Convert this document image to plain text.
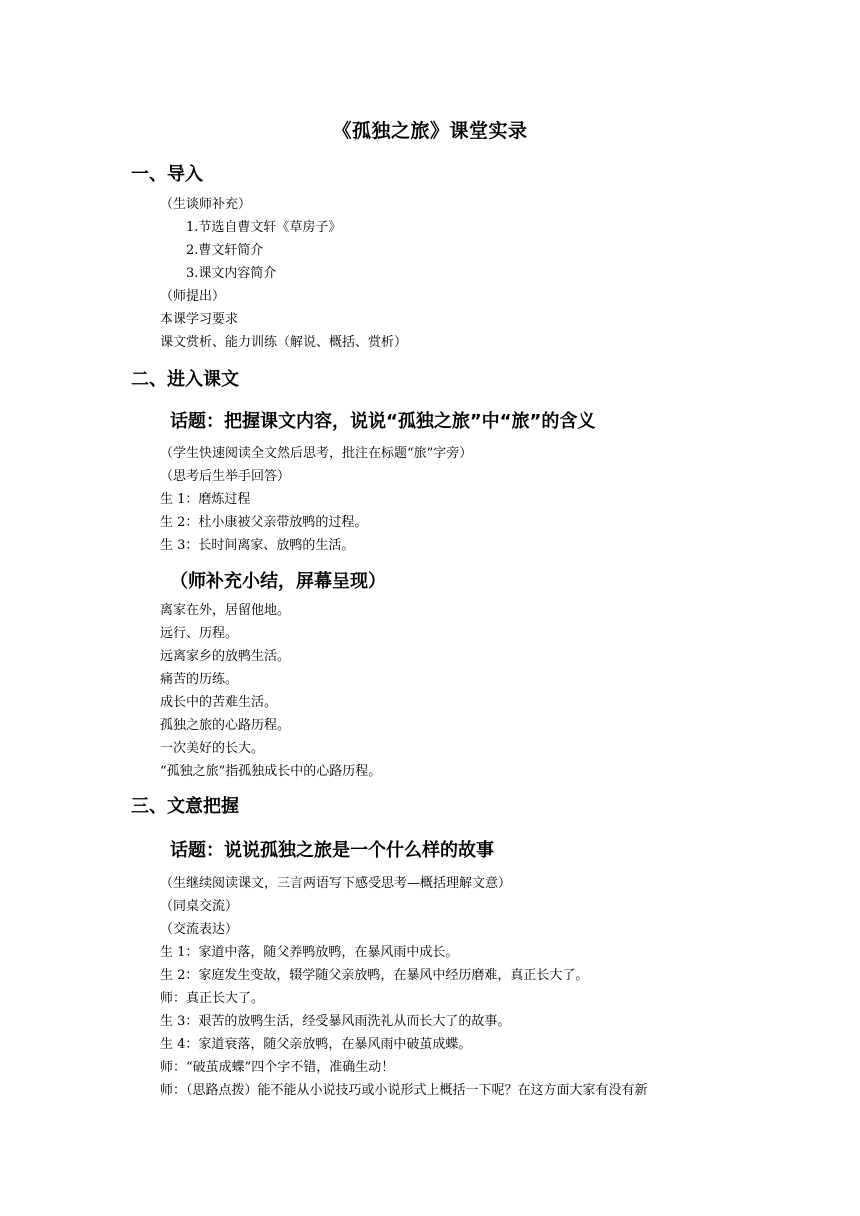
《孤独之旅》课堂实录
一、导入
（生谈师补充）
1.节选自曹文轩《草房子》
2.曹文轩简介
3.课文内容简介
（师提出）
本课学习要求
课文赏析、能力训练（解说、概括、赏析）
二、进入课文
话题：把握课文内容，说说“孤独之旅”中“旅”的含义
（学生快速阅读全文然后思考，批注在标题“旅”字旁）
（思考后生举手回答）
生 1：磨炼过程
生 2：杜小康被父亲带放鸭的过程。
生 3：长时间离家、放鸭的生活。
（师补充小结，屏幕呈现）
离家在外，居留他地。
远行、历程。
远离家乡的放鸭生活。
痛苦的历练。
成长中的苦难生活。
孤独之旅的心路历程。
一次美好的长大。
“孤独之旅”指孤独成长中的心路历程。
三、文意把握
话题：说说孤独之旅是一个什么样的故事
（生继续阅读课文，三言两语写下感受思考—概括理解文意）
（同桌交流）
（交流表达）
生 1：家道中落，随父养鸭放鸭，在暴风雨中成长。
生 2：家庭发生变故，辍学随父亲放鸭，在暴风中经历磨难，真正长大了。
师：真正长大了。
生 3：艰苦的放鸭生活，经受暴风雨洗礼从而长大了的故事。
生 4：家道衰落，随父亲放鸭，在暴风雨中破茧成蝶。
师：“破茧成蝶”四个字不错，准确生动！
师：（思路点拨）能不能从小说技巧或小说形式上概括一下呢？在这方面大家有没有新
